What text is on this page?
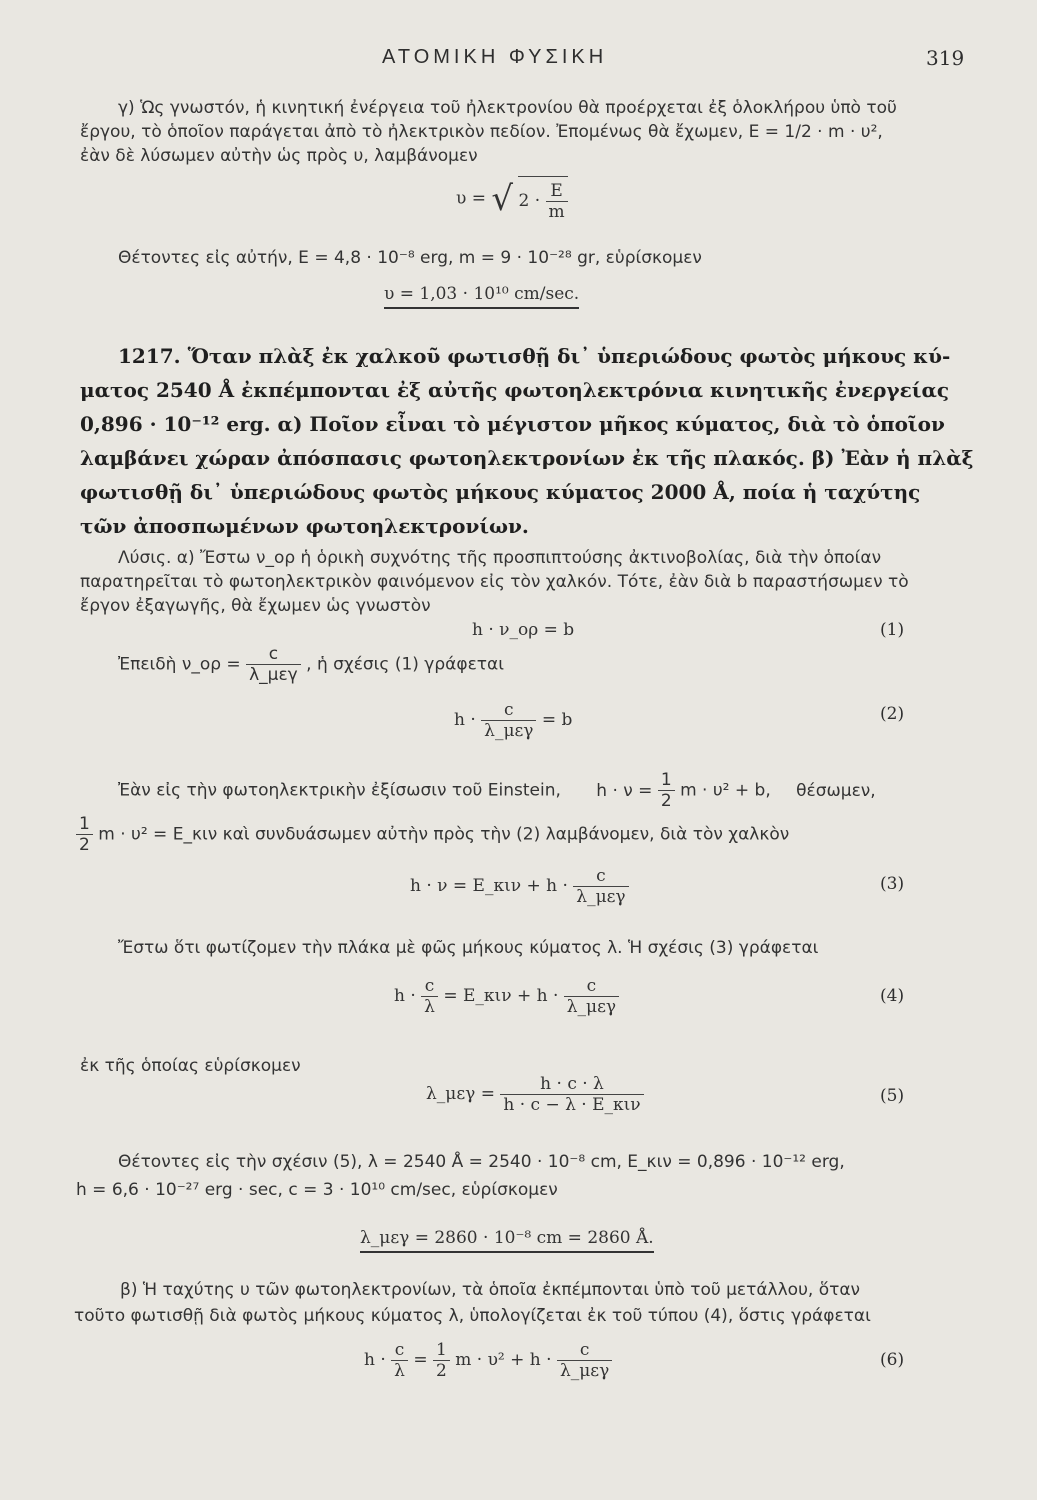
ΑΤΟΜΙΚΗ ΦΥΣΙΚΗ	319
γ) Ὡς γνωστόν, ἡ κινητική ἐνέργεια τοῦ ἠλεκτρονίου θὰ προέρχεται ἐξ ὁλοκλήρου ὑπὸ τοῦ
ἔργου, τὸ ὁποῖον παράγεται ἀπὸ τὸ ἠλεκτρικὸν πεδίον. Ἐπομένως θὰ ἔχωμεν, Ε = 1/2 · m · υ²,
ἐὰν δὲ λύσωμεν αὐτὴν ὡς πρὸς υ, λαμβάνομεν
υ = √ $2 \cdot \frac{E}{m}$
Θέτοντες εἰς αὐτήν, Ε = 4,8 · 10⁻⁸ erg, m = 9 · 10⁻²⁸ gr, εὑρίσκομεν
υ = 1,03 · 10¹⁰ cm/sec.
1217. Ὅταν πλὰξ ἐκ χαλκοῦ φωτισθῇ δι᾽ ὑπεριώδους φωτὸς μήκους κύ-
ματος 2540 Å ἐκπέμπονται ἐξ αὐτῆς φωτοηλεκτρόνια κινητικῆς ἐνεργείας
0,896 · 10⁻¹² erg. α) Ποῖον εἶναι τὸ μέγιστον μῆκος κύματος, διὰ τὸ ὁποῖον
λαμβάνει χώραν ἀπόσπασις φωτοηλεκτρονίων ἐκ τῆς πλακός. β) Ἐὰν ἡ πλὰξ
φωτισθῇ δι᾽ ὑπεριώδους φωτὸς μήκους κύματος 2000 Å, ποία ἡ ταχύτης
τῶν ἀποσπωμένων φωτοηλεκτρονίων.
Λύσις. α) Ἔστω ν_ορ ἡ ὁρικὴ συχνότης τῆς προσπιπτούσης ἀκτινοβολίας, διὰ τὴν ὁποίαν
παρατηρεῖται τὸ φωτοηλεκτρικὸν φαινόμενον εἰς τὸν χαλκόν. Τότε, ἐὰν διὰ b παραστήσωμεν τὸ
ἔργον ἐξαγωγῆς, θὰ ἔχωμεν ὡς γνωστὸν
h · ν_ορ = b	(1)
Ἐπειδὴ ν_ορ = $\frac{c}{\text{λ\_μεγ}}$ , ἡ σχέσις (1) γράφεται
$h \cdot \frac{c}{\text{λ\_μεγ}} = b$	(2)
Ἐὰν εἰς τὴν φωτοηλεκτρικὴν ἐξίσωσιν τοῦ Einstein, $h \cdot \nu = \frac{1}{2}$ m · υ² + b, θέσωμεν,
$\frac{1}{2}$ m · υ² = Ε_κιν καὶ συνδυάσωμεν αὐτὴν πρὸς τὴν (2) λαμβάνομεν, διὰ τὸν χαλκὸν
h · ν = Ε_κιν + $h \cdot \frac{c}{\text{λ\_μεγ}}$	(3)
Ἔστω ὅτι φωτίζομεν τὴν πλάκα μὲ φῶς μήκους κύματος λ. Ἡ σχέσις (3) γράφεται
$h \cdot \frac{c}{\lambda}$ = Ε_κιν + $h \cdot \frac{c}{\text{λ\_μεγ}}$	(4)
ἐκ τῆς ὁποίας εὑρίσκομεν
λ_μεγ = $\frac{h \cdot c \cdot \lambda}{\text{h · c − λ · Ε\_κιν}}$	(5)
Θέτοντες εἰς τὴν σχέσιν (5), λ = 2540 Å = 2540 · 10⁻⁸ cm, Ε_κιν = 0,896 · 10⁻¹² erg,
h = 6,6 · 10⁻²⁷ erg · sec, c = 3 · 10¹⁰ cm/sec, εὑρίσκομεν
λ_μεγ = 2860 · 10⁻⁸ cm = 2860 Å.
β) Ἡ ταχύτης υ τῶν φωτοηλεκτρονίων, τὰ ὁποῖα ἐκπέμπονται ὑπὸ τοῦ μετάλλου, ὅταν
τοῦτο φωτισθῇ διὰ φωτὸς μήκους κύματος λ, ὑπολογίζεται ἐκ τοῦ τύπου (4), ὅστις γράφεται
$h \cdot \frac{c}{\lambda} = \frac{1}{2}$ $m \cdot \upsilon^2 + h \cdot \frac{c}{\text{λ\_μεγ}}$	(6)
